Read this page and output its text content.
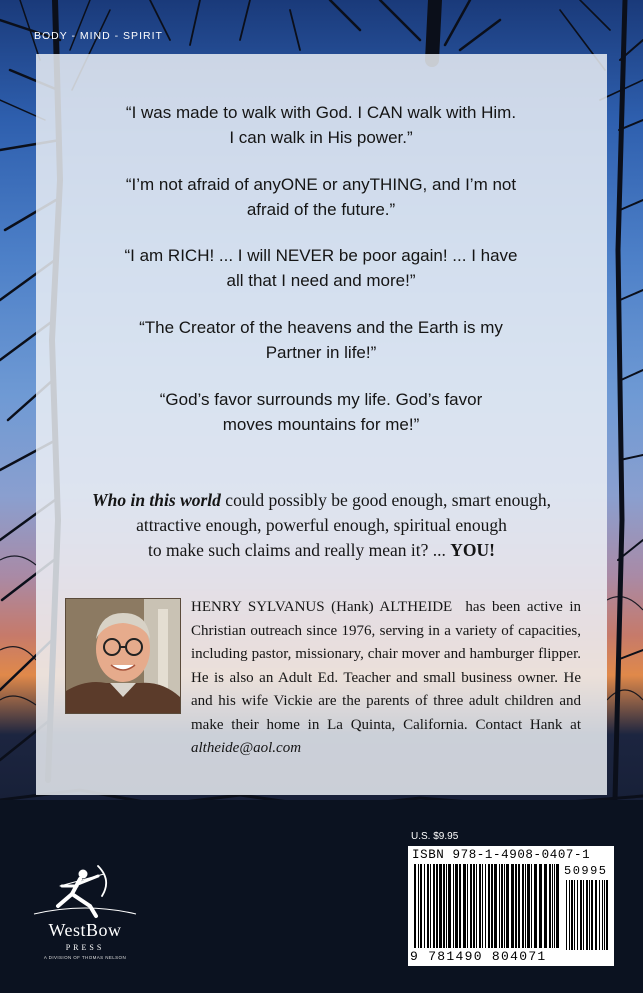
BODY - MIND - SPIRIT
“I was made to walk with God. I CAN walk with Him.
I can walk in His power.”
“I’m not afraid of anyONE or anyTHING, and I’m not
afraid of the future.”
“I am RICH! ... I will NEVER be poor again! ... I have
all that I need and more!”
“The Creator of the heavens and the Earth is my
Partner in life!”
“God’s favor surrounds my life. God’s favor
moves mountains for me!”
Who in this world could possibly be good enough, smart enough,
attractive enough, powerful enough, spiritual enough
to make such claims and really mean it? ... YOU!
HENRY SYLVANUS (Hank) ALTHEIDE has been active in Christian outreach since 1976, serving in a variety of capacities, including pastor, missionary, chair mover and hamburger flipper. He is also an Adult Ed. Teacher and small business owner. He and his wife Vickie are the parents of three adult children and make their home in La Quinta, California. Contact Hank at altheide@aol.com
WestBow
PRESS
A DIVISION OF THOMAS NELSON
U.S. $9.95
ISBN 978-1-4908-0407-1
50995
9 781490 804071
